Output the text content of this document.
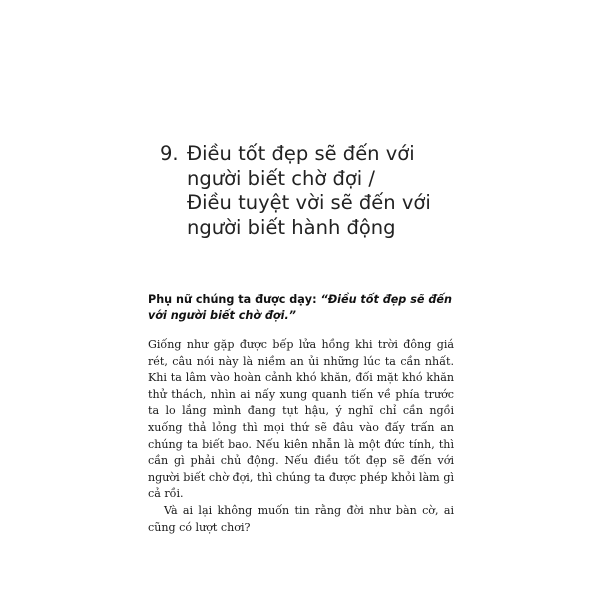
9. Điều tốt đẹp sẽ đến với
người biết chờ đợi /
Điều tuyệt vời sẽ đến với
người biết hành động
Phụ nữ chúng ta được dạy: “Điều tốt đẹp sẽ đến với người biết chờ đợi.”

Giống như gặp được bếp lửa hồng khi trời đông giá rét, câu nói này là niềm an ủi những lúc ta cần nhất. Khi ta lâm vào hoàn cảnh khó khăn, đối mặt khó khăn thử thách, nhìn ai nấy xung quanh tiến về phía trước ta lo lắng mình đang tụt hậu, ý nghĩ chỉ cần ngồi xuống thả lỏng thì mọi thứ sẽ đâu vào đấy trấn an chúng ta biết bao. Nếu kiên nhẫn là một đức tính, thì cần gì phải chủ động. Nếu điều tốt đẹp sẽ đến với người biết chờ đợi, thì chúng ta được phép khỏi làm gì cả rồi.

Và ai lại không muốn tin rằng đời như bàn cờ, ai cũng có lượt chơi?
